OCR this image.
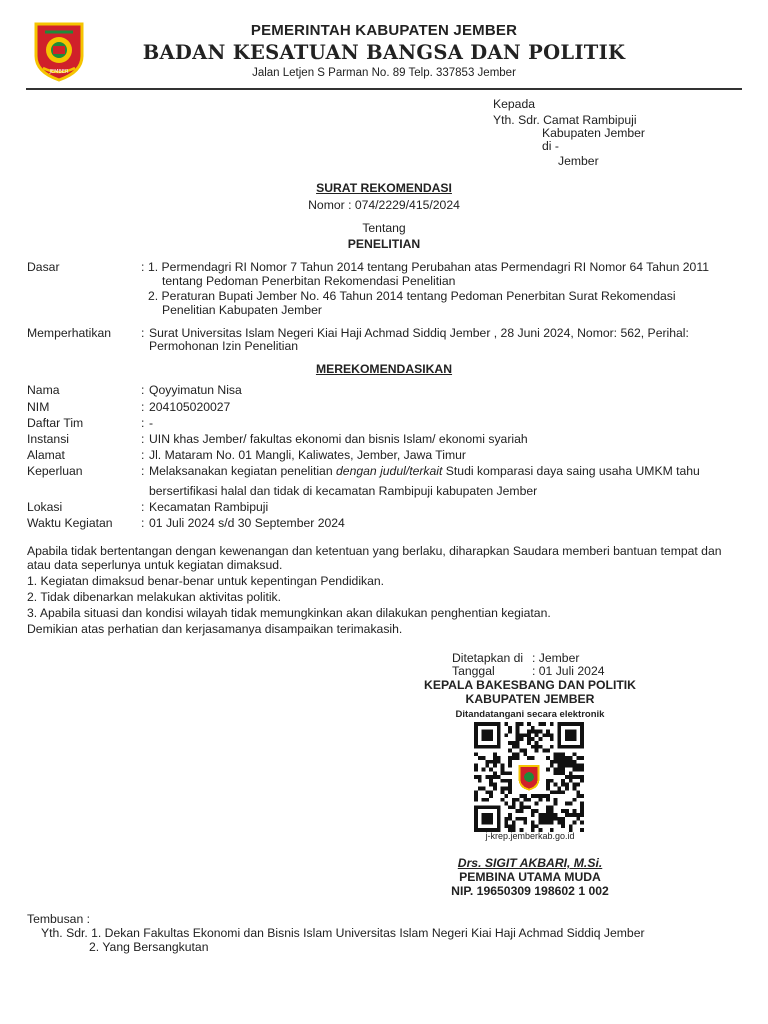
JEMBER
PEMERINTAH KABUPATEN JEMBER
BADAN KESATUAN BANGSA DAN POLITIK
Jalan Letjen S Parman No. 89 Telp. 337853 Jember
Kepada
Yth. Sdr. Camat Rambipuji
Kabupaten Jember
di -
Jember
SURAT REKOMENDASI
Nomor : 074/2229/415/2024
Tentang
PENELITIAN
Dasar	: 1. Permendagri RI Nomor 7 Tahun 2014 tentang Perubahan atas Permendagri RI Nomor 64 Tahun 2011
tentang Pedoman Penerbitan Rekomendasi Penelitian
2. Peraturan Bupati Jember No. 46 Tahun 2014 tentang Pedoman Penerbitan Surat Rekomendasi
Penelitian Kabupaten Jember
Memperhatikan : Surat Universitas Islam Negeri Kiai Haji Achmad Siddiq Jember , 28 Juni 2024, Nomor: 562, Perihal:
Permohonan Izin Penelitian
MEREKOMENDASIKAN
Nama	: Qoyyimatun Nisa
NIM	: 204105020027
Daftar Tim	: -
Instansi	: UIN khas Jember/ fakultas ekonomi dan bisnis Islam/ ekonomi syariah
Alamat	: Jl. Mataram No. 01 Mangli, Kaliwates, Jember, Jawa Timur
Keperluan	: Melaksanakan kegiatan penelitian dengan judul/terkait Studi komparasi daya saing usaha UMKM tahu
bersertifikasi halal dan tidak di kecamatan Rambipuji kabupaten Jember
Lokasi	: Kecamatan Rambipuji
Waktu Kegiatan : 01 Juli 2024 s/d 30 September 2024
Apabila tidak bertentangan dengan kewenangan dan ketentuan yang berlaku, diharapkan Saudara memberi bantuan tempat dan
atau data seperlunya untuk kegiatan dimaksud.
1. Kegiatan dimaksud benar-benar untuk kepentingan Pendidikan.
2. Tidak dibenarkan melakukan aktivitas politik.
3. Apabila situasi dan kondisi wilayah tidak memungkinkan akan dilakukan penghentian kegiatan.
Demikian atas perhatian dan kerjasamanya disampaikan terimakasih.
Ditetapkan di : Jember
Tanggal	: 01 Juli 2024
KEPALA BAKESBANG DAN POLITIK
KABUPATEN JEMBER
Ditandatangani secara elektronik
j-krep.jemberkab.go.id
Drs. SIGIT AKBARI, M.Si.
PEMBINA UTAMA MUDA
NIP. 19650309 198602 1 002
Tembusan :
Yth. Sdr. 1. Dekan Fakultas Ekonomi dan Bisnis Islam Universitas Islam Negeri Kiai Haji Achmad Siddiq Jember
2. Yang Bersangkutan
